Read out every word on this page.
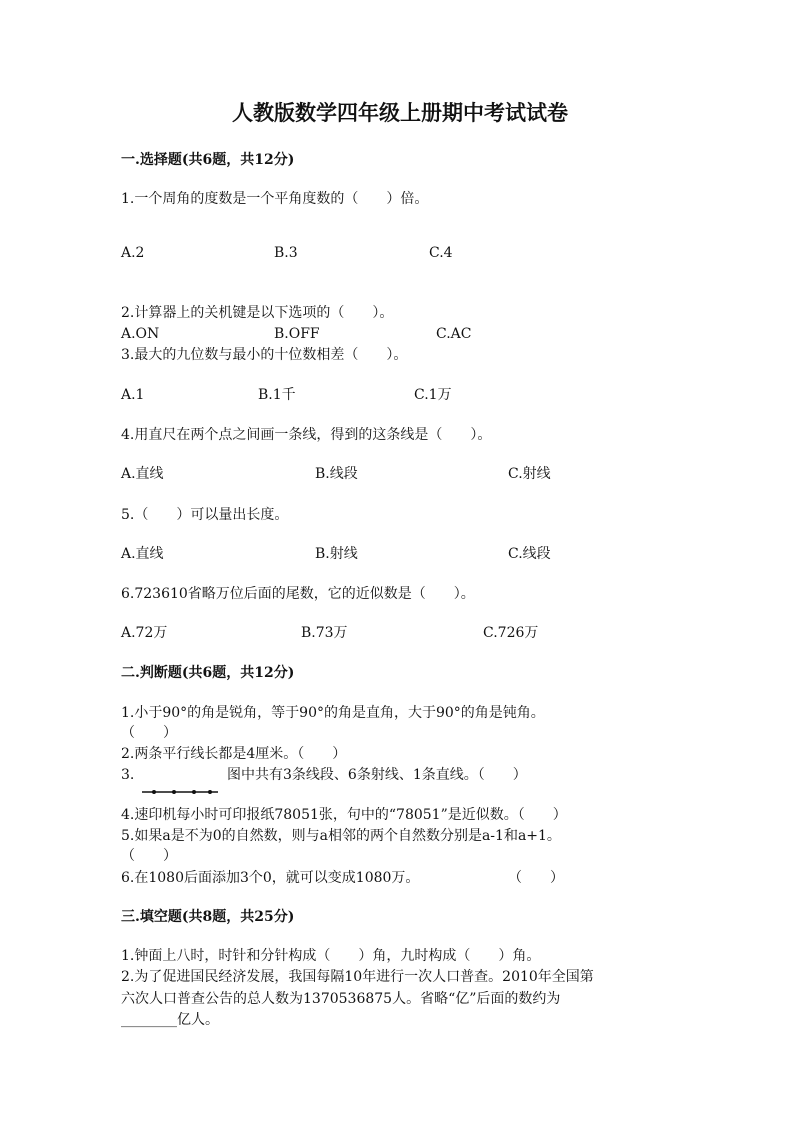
人教版数学四年级上册期中考试试卷
一.选择题(共6题，共12分)
1.一个周角的度数是一个平角度数的（　　）倍。
A.2	B.3	C.4
2.计算器上的关机键是以下选项的（　　）。
A.ON	B.OFF	C.AC
3.最大的九位数与最小的十位数相差（　　）。
A.1	B.1千	C.1万
4.用直尺在两个点之间画一条线，得到的这条线是（　　）。
A.直线	B.线段	C.射线
5.（　　）可以量出长度。
A.直线	B.射线	C.线段
6.723610省略万位后面的尾数，它的近似数是（　　）。
A.72万	B.73万	C.726万
二.判断题(共6题，共12分)
1.小于90°的角是锐角，等于90°的角是直角，大于90°的角是钝角。
（　　）
2.两条平行线长都是4厘米。（　　）
3.	图中共有3条线段、6条射线、1条直线。（　　）
4.速印机每小时可印报纸78051张，句中的“78051”是近似数。（　　）
5.如果a是不为0的自然数，则与a相邻的两个自然数分别是a-1和a+1。
（　　）
6.在1080后面添加3个0，就可以变成1080万。	（　　）
三.填空题(共8题，共25分)
1.钟面上八时，时针和分针构成（　　）角，九时构成（　　）角。
2.为了促进国民经济发展，我国每隔10年进行一次人口普查。2010年全国第
六次人口普查公告的总人数为1370536875人。省略“亿”后面的数约为
________亿人。
